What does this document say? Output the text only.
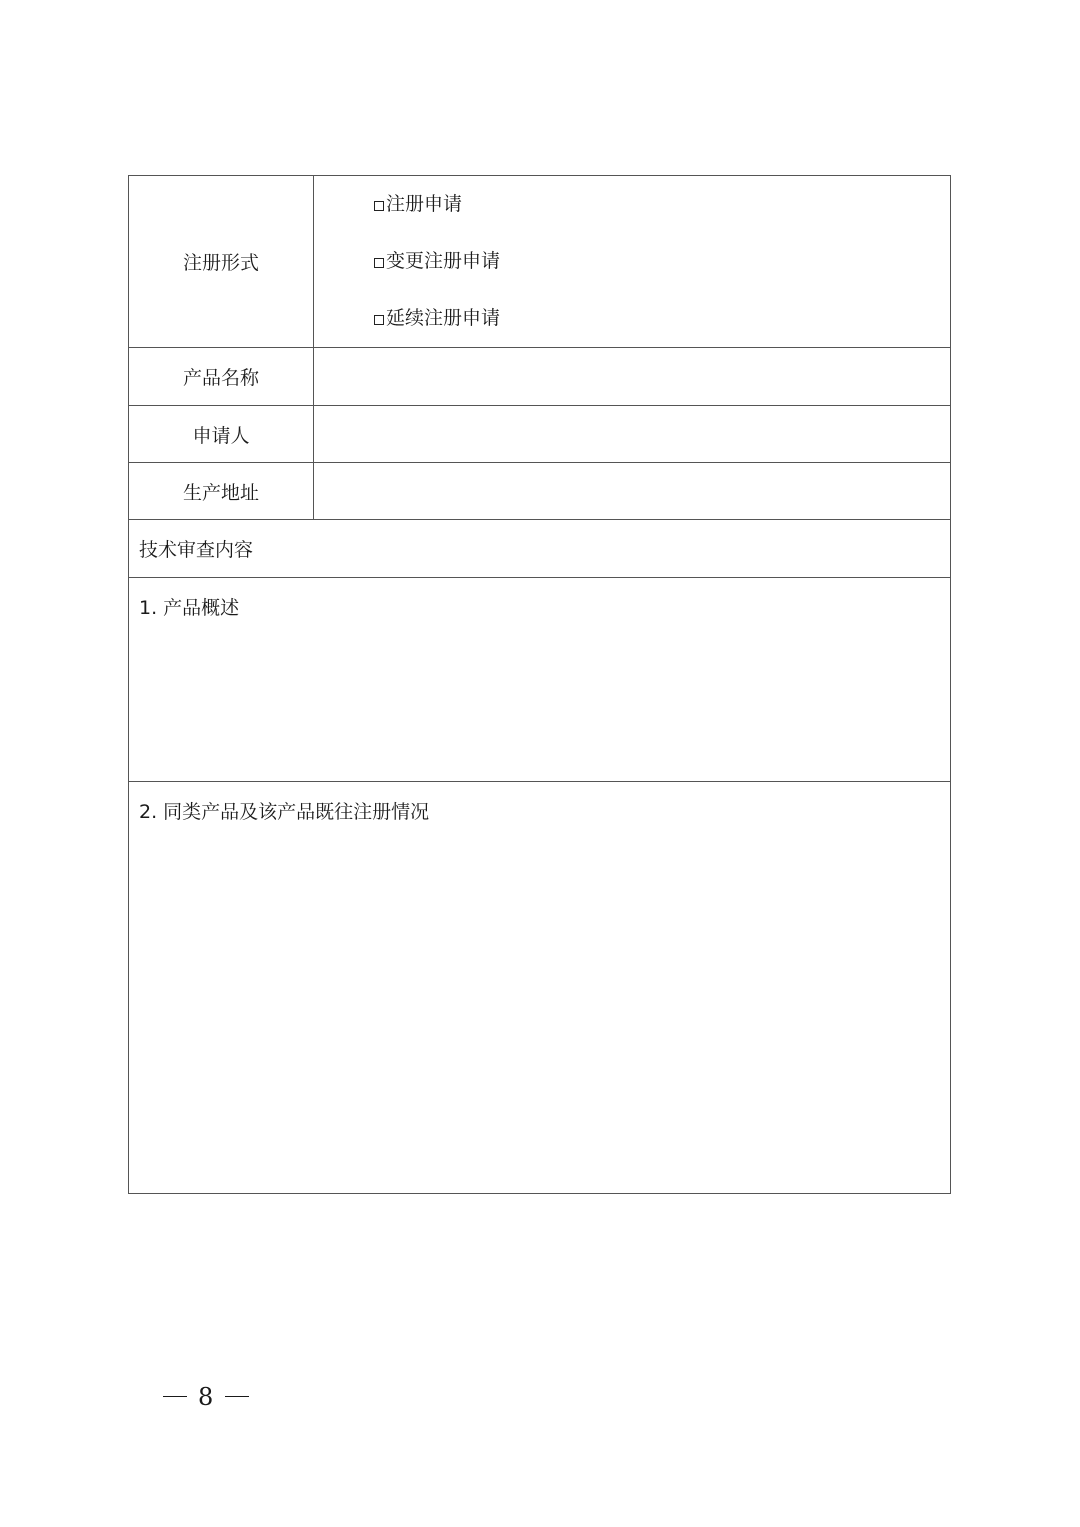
注册形式	注册申请
变更注册申请
延续注册申请

产品名称	
申请人	
生产地址	
技术审查内容	

1. 产品概述	

2. 同类产品及该产品既往注册情况	
8
